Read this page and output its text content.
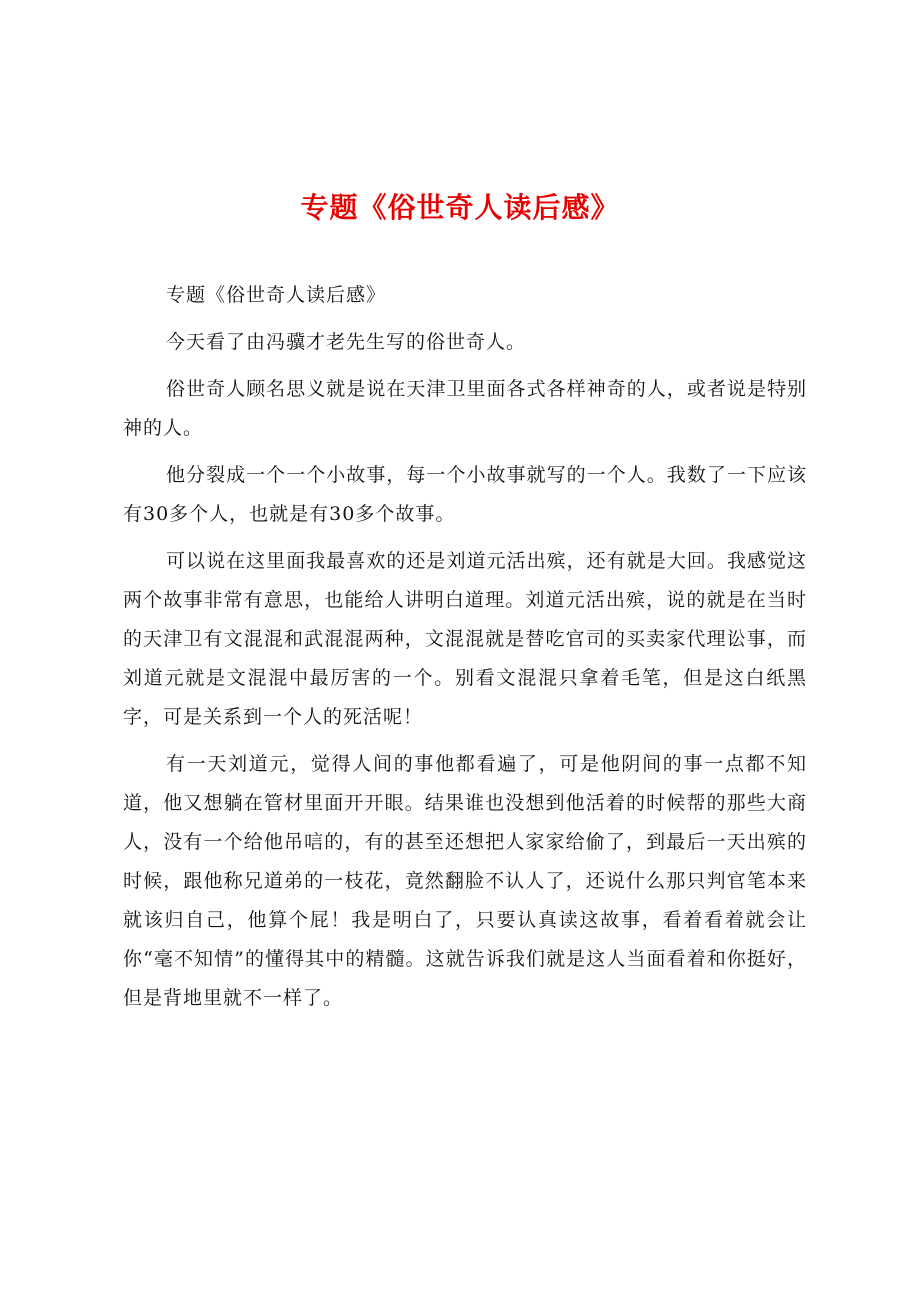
专题《俗世奇人读后感》

专题《俗世奇人读后感》

今天看了由冯骥才老先生写的俗世奇人。

俗世奇人顾名思义就是说在天津卫里面各式各样神奇的人，或者说是特别神的人。

他分裂成一个一个小故事，每一个小故事就写的一个人。我数了一下应该有30多个人，也就是有30多个故事。

可以说在这里面我最喜欢的还是刘道元活出殡，还有就是大回。我感觉这两个故事非常有意思，也能给人讲明白道理。刘道元活出殡，说的就是在当时的天津卫有文混混和武混混两种，文混混就是替吃官司的买卖家代理讼事，而刘道元就是文混混中最厉害的一个。别看文混混只拿着毛笔，但是这白纸黑字，可是关系到一个人的死活呢！

有一天刘道元，觉得人间的事他都看遍了，可是他阴间的事一点都不知道，他又想躺在管材里面开开眼。结果谁也没想到他活着的时候帮的那些大商人，没有一个给他吊唁的，有的甚至还想把人家家给偷了，到最后一天出殡的时候，跟他称兄道弟的一枝花，竟然翻脸不认人了，还说什么那只判官笔本来就该归自己，他算个屁！我是明白了，只要认真读这故事，看着看着就会让你“毫不知情”的懂得其中的精髓。这就告诉我们就是这人当面看着和你挺好，但是背地里就不一样了。
